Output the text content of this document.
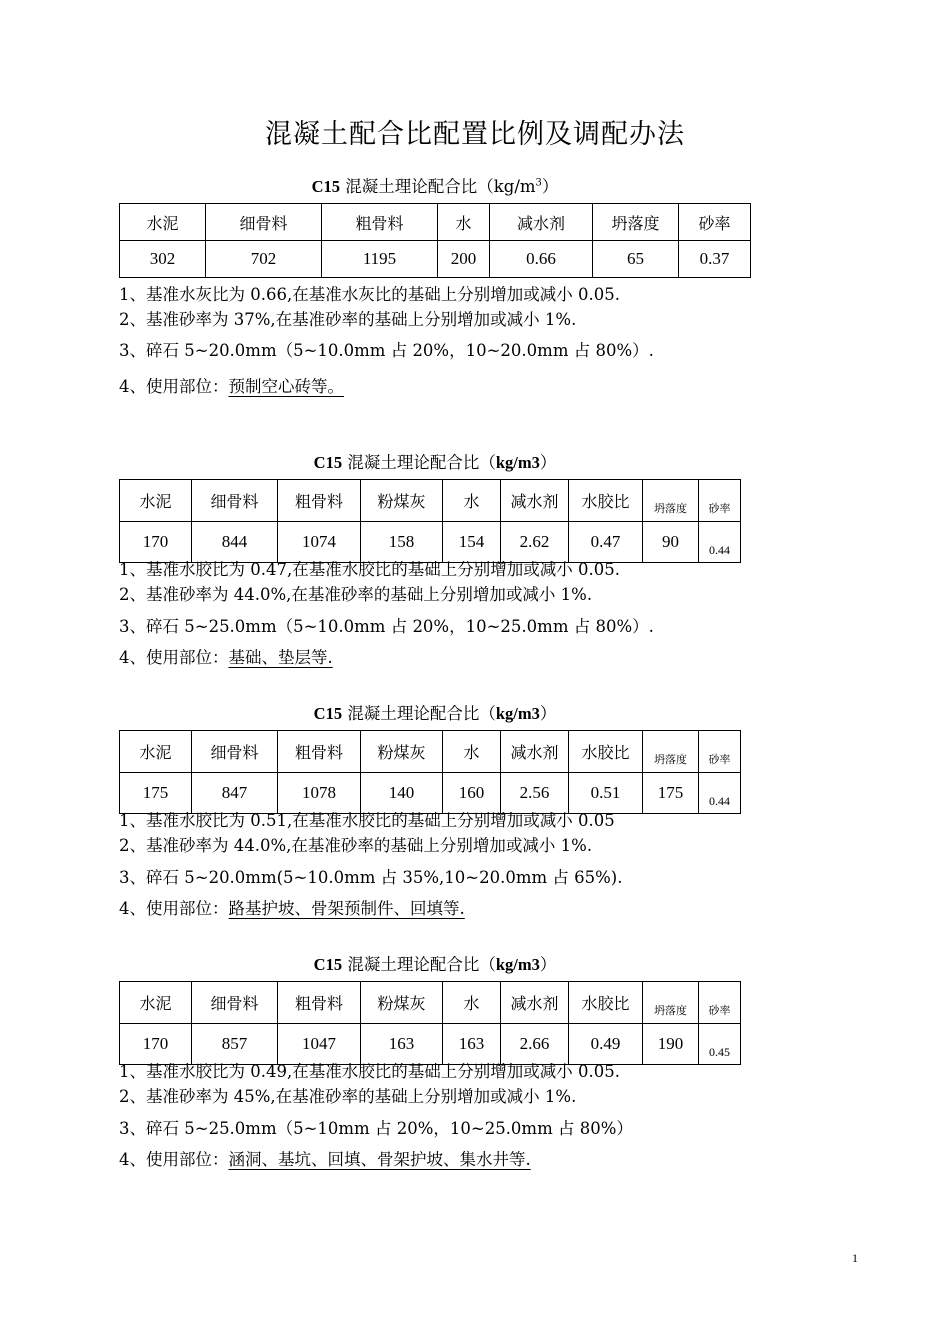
混凝土配合比配置比例及调配办法
C15 混凝土理论配合比$(kg/m^3)$
水泥	细骨料	粗骨料	水	减水剂	坍落度	砂率
302	702	1195	200	0.66	65	0.37
1、基准水灰比为 0.66,在基准水灰比的基础上分别增加或减小 0.05.
2、基准砂率为 37%,在基准砂率的基础上分别增加或减小 1%.
3、碎石 5~20.0mm（5~10.0mm 占 20%，10~20.0mm 占 80%）.
4、使用部位：预制空心砖等。
C15 混凝土理论配合比（kg/m3）
水泥	细骨料	粗骨料	粉煤灰	水	减水剂	水胶比	坍落度	砂率
170	844	1074	158	154	2.62	0.47	90	0.44
1、基准水胶比为 0.47,在基准水胶比的基础上分别增加或减小 0.05.
2、基准砂率为 44.0%,在基准砂率的基础上分别增加或减小 1%.
3、碎石 5~25.0mm（5~10.0mm 占 20%，10~25.0mm 占 80%）.
4、使用部位：基础、垫层等.
C15 混凝土理论配合比（kg/m3）
水泥	细骨料	粗骨料	粉煤灰	水	减水剂	水胶比	坍落度	砂率
175	847	1078	140	160	2.56	0.51	175	0.44
1、基准水胶比为 0.51,在基准水胶比的基础上分别增加或减小 0.05
2、基准砂率为 44.0%,在基准砂率的基础上分别增加或减小 1%.
3、碎石 5~20.0mm(5~10.0mm 占 35%,10~20.0mm 占 65%).
4、使用部位：路基护坡、骨架预制件、回填等.
C15 混凝土理论配合比（kg/m3）
水泥	细骨料	粗骨料	粉煤灰	水	减水剂	水胶比	坍落度	砂率
170	857	1047	163	163	2.66	0.49	190	0.45
1、基准水胶比为 0.49,在基准水胶比的基础上分别增加或减小 0.05.
2、基准砂率为 45%,在基准砂率的基础上分别增加或减小 1%.
3、碎石 5~25.0mm（5~10mm 占 20%，10~25.0mm 占 80%）
4、使用部位：涵洞、基坑、回填、骨架护坡、集水井等.
1
